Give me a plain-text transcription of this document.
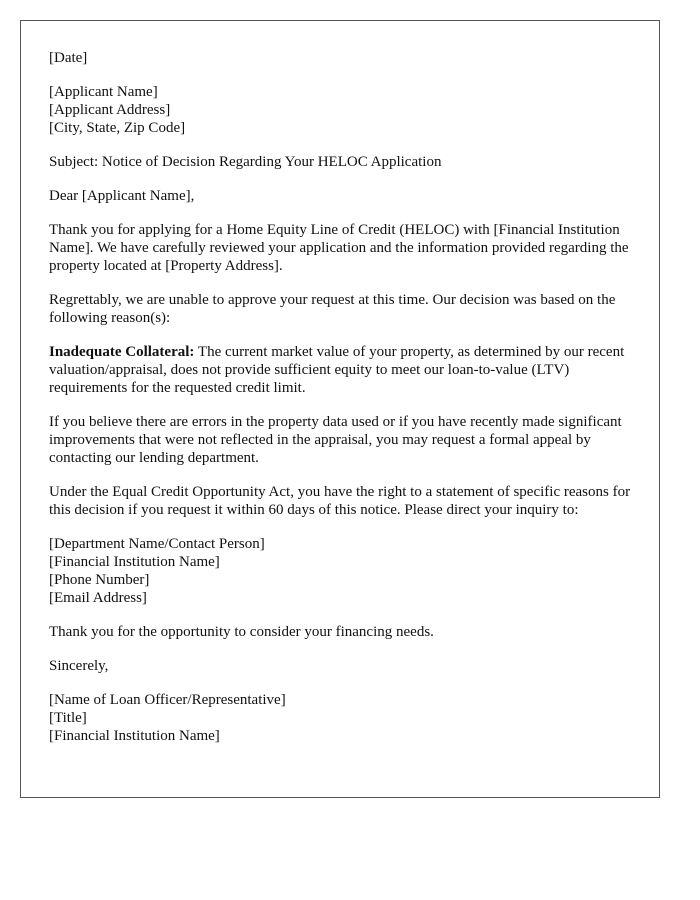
[Date]
[Applicant Name]
[Applicant Address]
[City, State, Zip Code]

Subject: Notice of Decision Regarding Your HELOC Application

Dear [Applicant Name],

Thank you for applying for a Home Equity Line of Credit (HELOC) with [Financial Institution Name]. We have carefully reviewed your application and the information provided regarding the property located at [Property Address].

Regrettably, we are unable to approve your request at this time. Our decision was based on the following reason(s):

Inadequate Collateral: The current market value of your property, as determined by our recent valuation/appraisal, does not provide sufficient equity to meet our loan-to-value (LTV) requirements for the requested credit limit.

If you believe there are errors in the property data used or if you have recently made significant improvements that were not reflected in the appraisal, you may request a formal appeal by contacting our lending department.

Under the Equal Credit Opportunity Act, you have the right to a statement of specific reasons for this decision if you request it within 60 days of this notice. Please direct your inquiry to:

[Department Name/Contact Person]
[Financial Institution Name]
[Phone Number]
[Email Address]

Thank you for the opportunity to consider your financing needs.

Sincerely,

[Name of Loan Officer/Representative]
[Title]
[Financial Institution Name]
